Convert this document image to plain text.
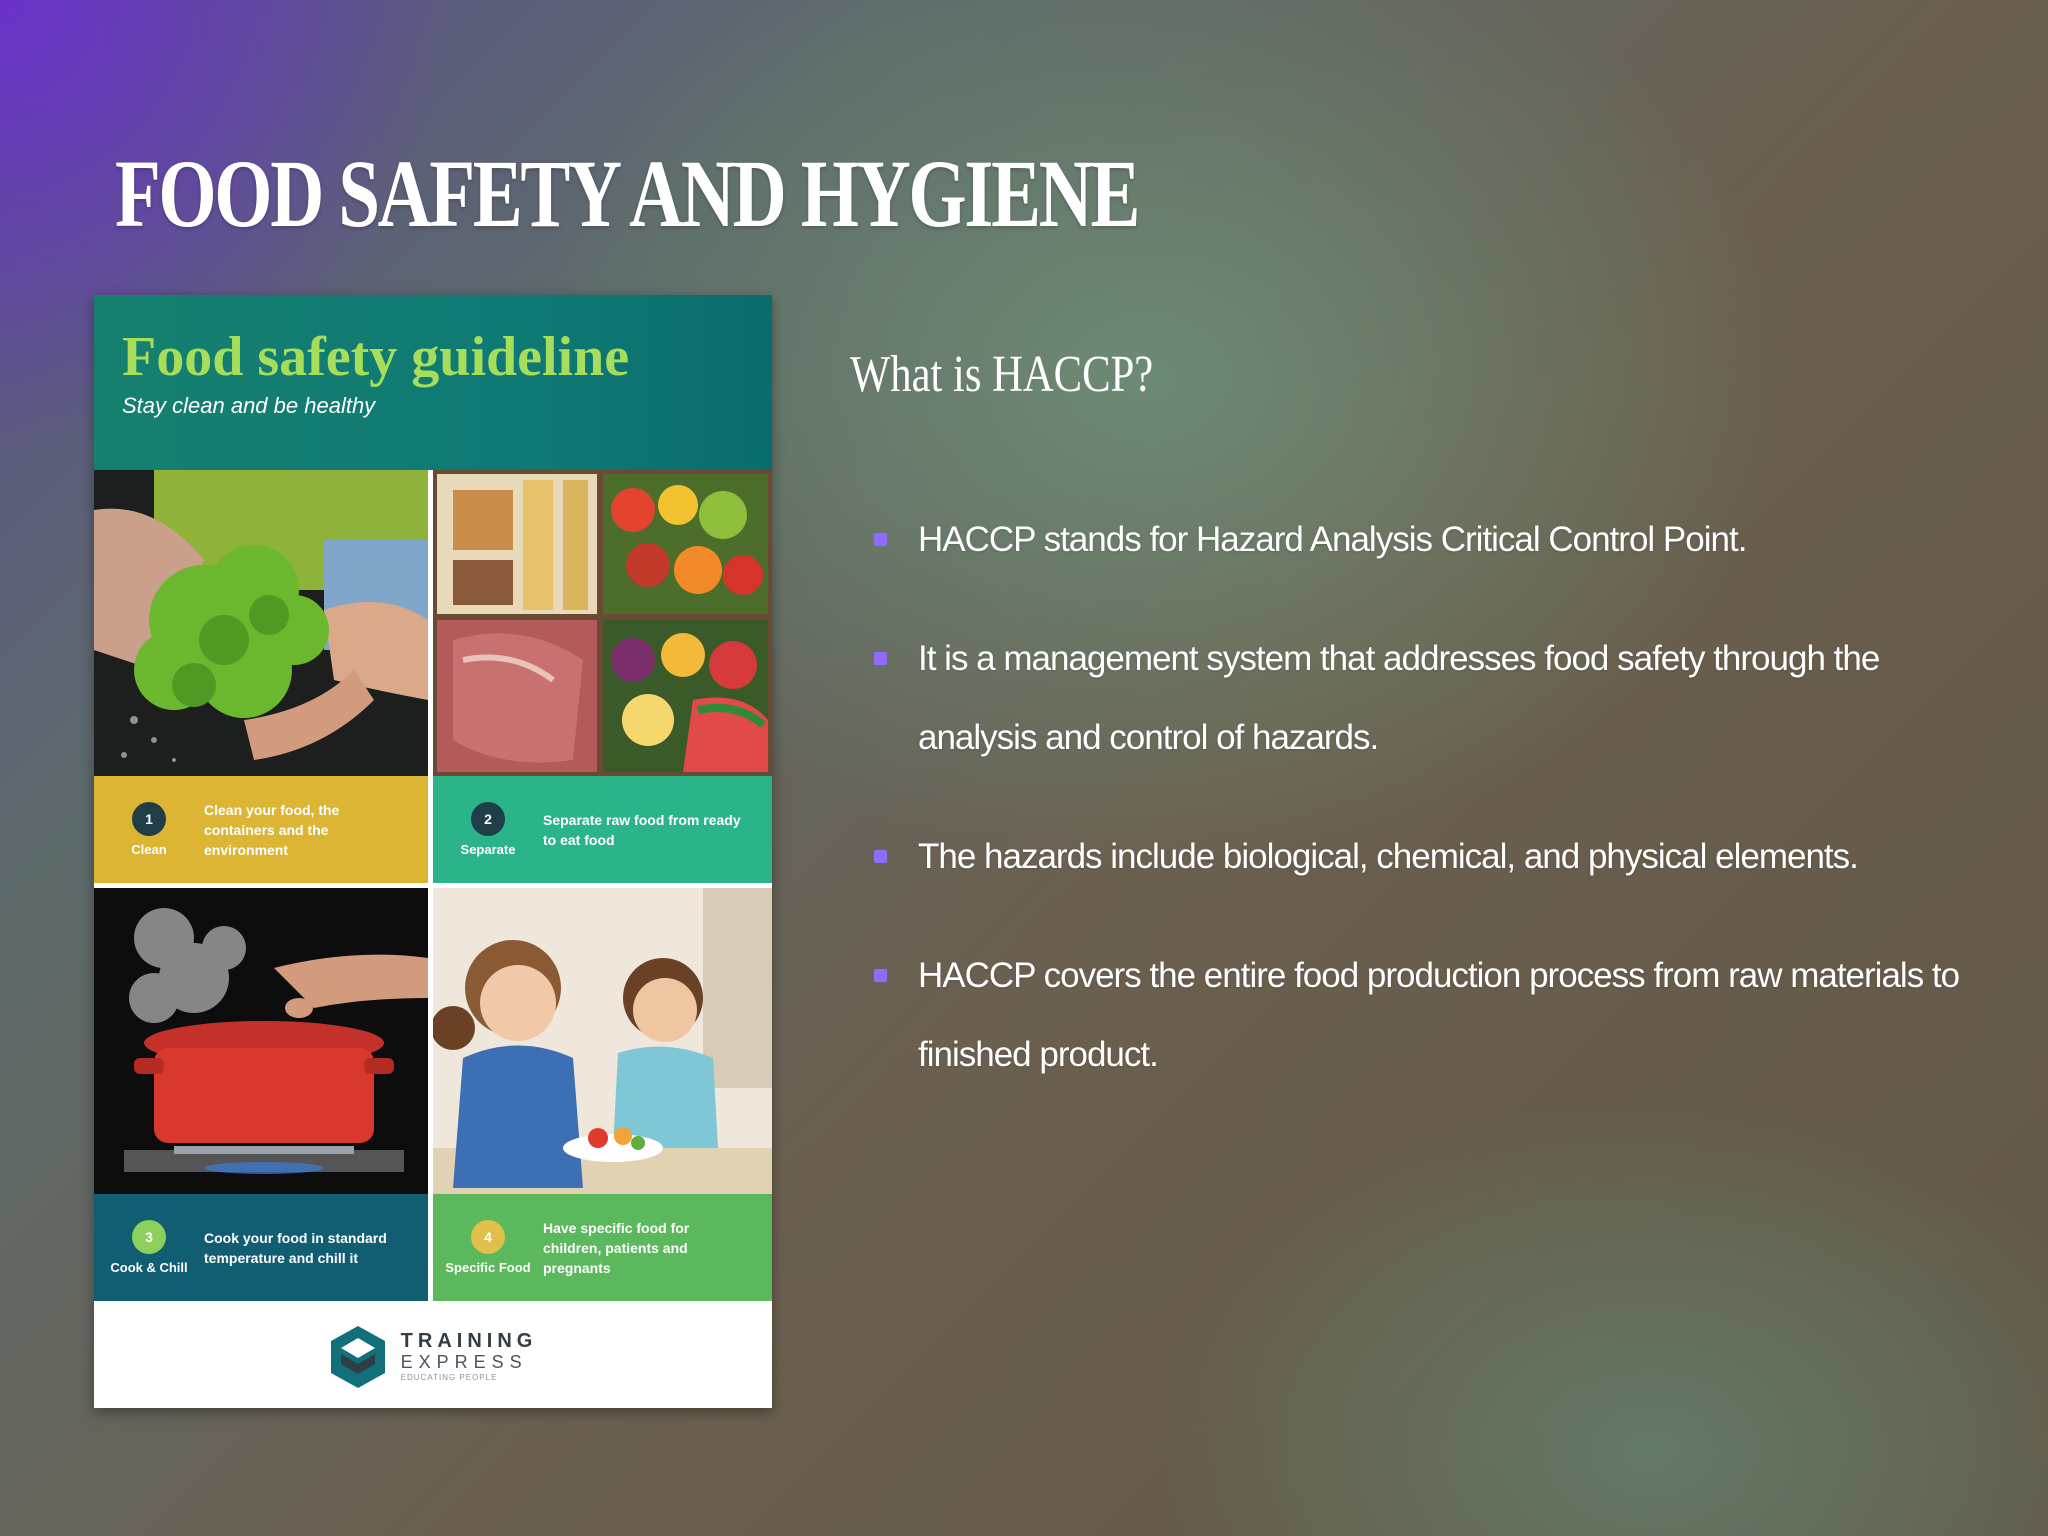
FOOD SAFETY AND HYGIENE
Food safety guideline
Stay clean and be healthy
1
Clean
Clean your food, the containers and the environment
2
Separate
Separate raw food from ready to eat food
3
Cook & Chill
Cook your food in standard temperature and chill it
4
Specific Food
Have specific food for children, patients and pregnants
TRAINING
EXPRESS
EDUCATING PEOPLE
What is HACCP?
HACCP stands for Hazard Analysis Critical Control Point.
It is a management system that addresses food safety through the analysis and control of hazards.
The hazards include biological, chemical, and physical elements.
HACCP covers the entire food production process from raw materials to finished product.
